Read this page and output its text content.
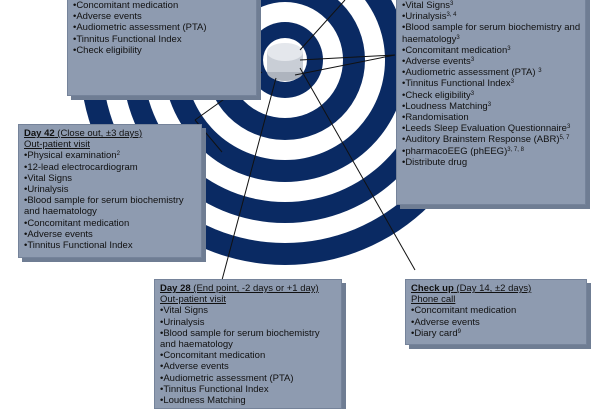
•Concomitant medication
•Adverse events
•Audiometric assessment (PTA)
•Tinnitus Functional Index
•Check eligibility
•Vital Signs$^3$
•Urinalysis$^{3, 4}$
•Blood sample for serum biochemistry and haematology$^3$
•Concomitant medication$^3$
•Adverse events$^3$
•Audiometric assessment (PTA) $^3$
•Tinnitus Functional Index$^3$
•Check eligibility$^3$
•Loudness Matching$^3$
•Randomisation
•Leeds Sleep Evaluation Questionnaire$^3$
•Auditory Brainstem Response (ABR)$^{5, 7}$
•pharmacoEEG (phEEG)$^{3, 7, 8}$
•Distribute drug
Day 42 (Close out, ±3 days)
Out-patient visit
•Physical examination$^2$
•12-lead electrocardiogram
•Vital Signs
•Urinalysis
•Blood sample for serum biochemistry and haematology
•Concomitant medication
•Adverse events
•Tinnitus Functional Index
Day 28 (End point, -2 days or +1 day)
Out-patient visit
•Vital Signs
•Urinalysis
•Blood sample for serum biochemistry and haematology
•Concomitant medication
•Adverse events
•Audiometric assessment (PTA)
•Tinnitus Functional Index
•Loudness Matching
Check up (Day 14, ±2 days)
Phone call
•Concomitant medication
•Adverse events
•Diary card$^9$
